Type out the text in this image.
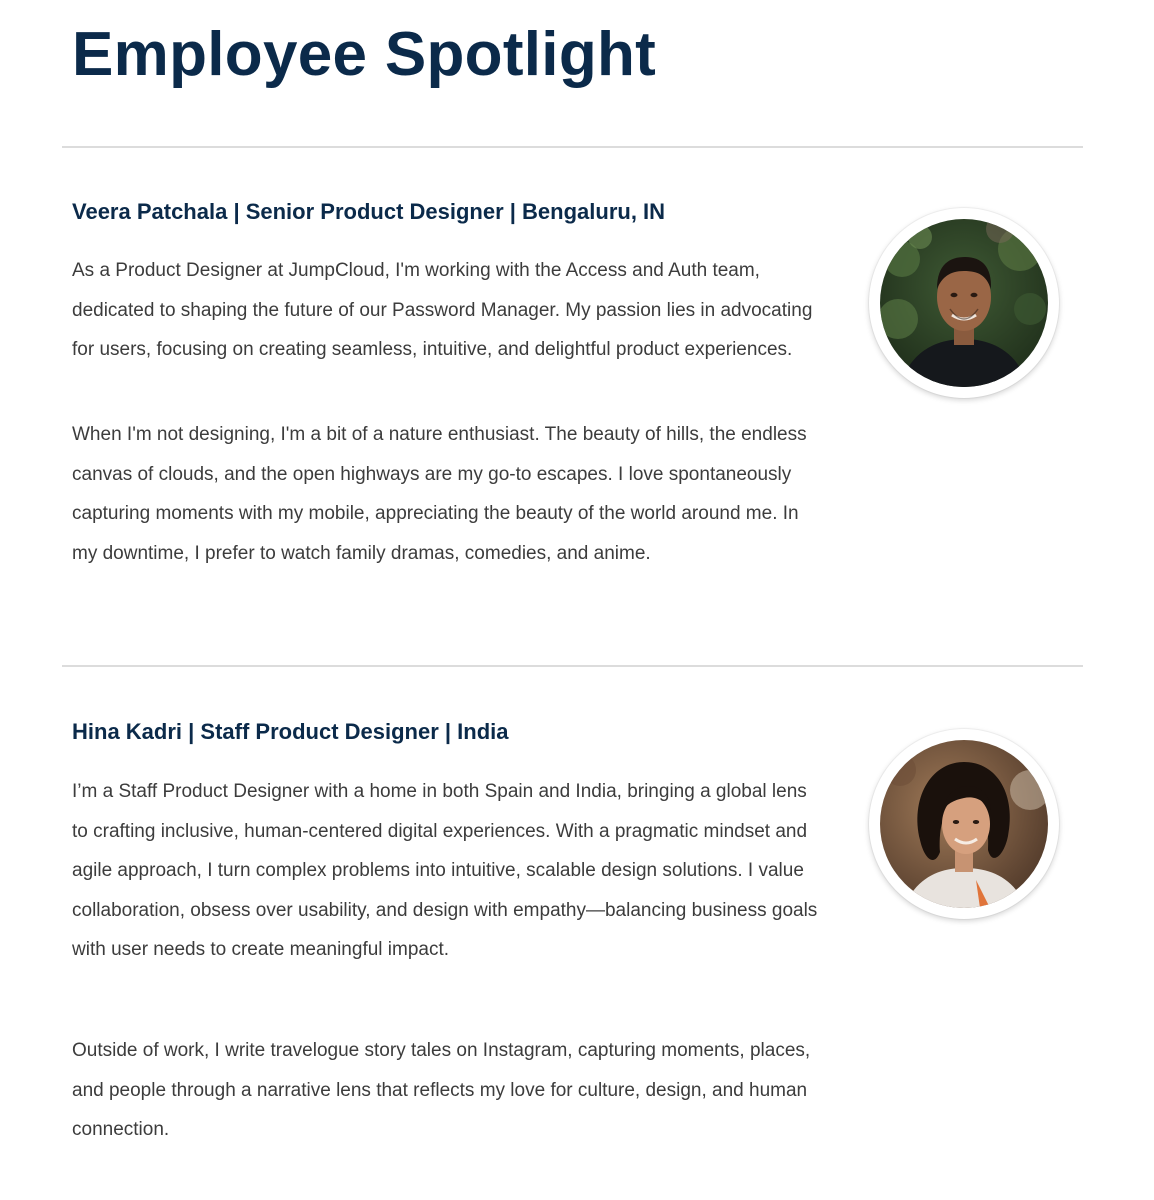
Employee Spotlight
Veera Patchala | Senior Product Designer | Bengaluru, IN

As a Product Designer at JumpCloud, I'm working with the Access and Auth team, dedicated to shaping the future of our Password Manager. My passion lies in advocating for users, focusing on creating seamless, intuitive, and delightful product experiences.

When I'm not designing, I'm a bit of a nature enthusiast. The beauty of hills, the endless canvas of clouds, and the open highways are my go-to escapes. I love spontaneously capturing moments with my mobile, appreciating the beauty of the world around me. In my downtime, I prefer to watch family dramas, comedies, and anime.

Hina Kadri | Staff Product Designer | India

I’m a Staff Product Designer with a home in both Spain and India, bringing a global lens to crafting inclusive, human-centered digital experiences. With a pragmatic mindset and agile approach, I turn complex problems into intuitive, scalable design solutions. I value collaboration, obsess over usability, and design with empathy—balancing business goals with user needs to create meaningful impact.

Outside of work, I write travelogue story tales on Instagram, capturing moments, places, and people through a narrative lens that reflects my love for culture, design, and human connection.
